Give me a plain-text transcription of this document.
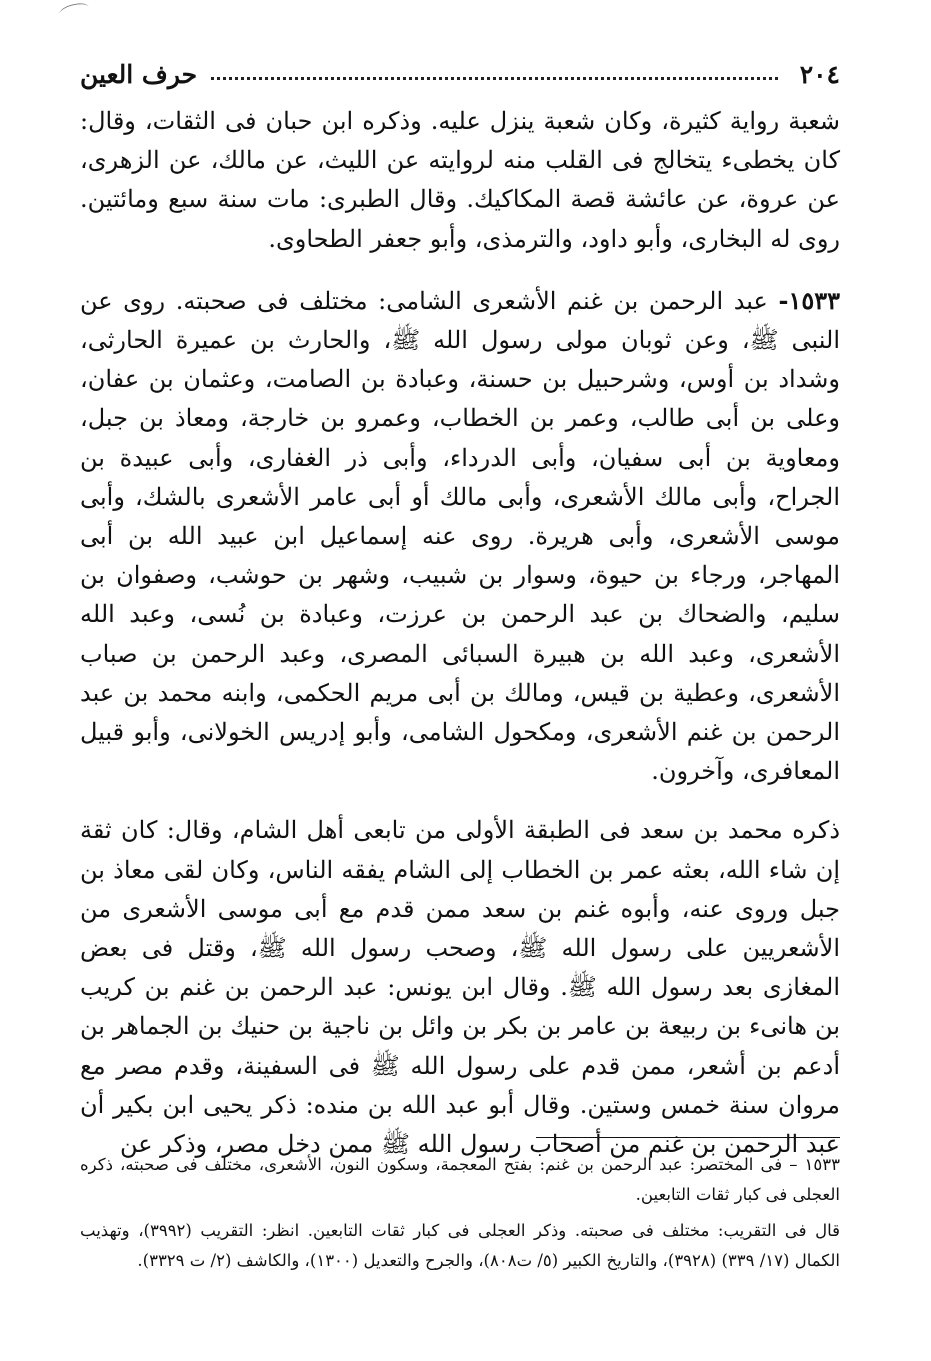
٢٠٤
حرف العين

شعبة رواية كثيرة، وكان شعبة ينزل عليه. وذكره ابن حبان فى الثقات، وقال: كان يخطىء يتخالج فى القلب منه لروايته عن الليث، عن مالك، عن الزهرى، عن عروة، عن عائشة قصة المكاكيك. وقال الطبرى: مات سنة سبع ومائتين. روى له البخارى، وأبو داود، والترمذى، وأبو جعفر الطحاوى.

١٥٣٣- عبد الرحمن بن غنم الأشعرى الشامى: مختلف فى صحبته. روى عن النبى ﷺ، وعن ثوبان مولى رسول الله ﷺ، والحارث بن عميرة الحارثى، وشداد بن أوس، وشرحبيل بن حسنة، وعبادة بن الصامت، وعثمان بن عفان، وعلى بن أبى طالب، وعمر بن الخطاب، وعمرو بن خارجة، ومعاذ بن جبل، ومعاوية بن أبى سفيان، وأبى الدرداء، وأبى ذر الغفارى، وأبى عبيدة بن الجراح، وأبى مالك الأشعرى، وأبى مالك أو أبى عامر الأشعرى بالشك، وأبى موسى الأشعرى، وأبى هريرة. روى عنه إسماعيل ابن عبيد الله بن أبى المهاجر، ورجاء بن حيوة، وسوار بن شبيب، وشهر بن حوشب، وصفوان بن سليم، والضحاك بن عبد الرحمن بن عرزت، وعبادة بن نُسى، وعبد الله الأشعرى، وعبد الله بن هبيرة السبائى المصرى، وعبد الرحمن بن صباب الأشعرى، وعطية بن قيس، ومالك بن أبى مريم الحكمى، وابنه محمد بن عبد الرحمن بن غنم الأشعرى، ومكحول الشامى، وأبو إدريس الخولانى، وأبو قبيل المعافرى، وآخرون.

ذكره محمد بن سعد فى الطبقة الأولى من تابعى أهل الشام، وقال: كان ثقة إن شاء الله، بعثه عمر بن الخطاب إلى الشام يفقه الناس، وكان لقى معاذ بن جبل وروى عنه، وأبوه غنم بن سعد ممن قدم مع أبى موسى الأشعرى من الأشعريين على رسول الله ﷺ، وصحب رسول الله ﷺ، وقتل فى بعض المغازى بعد رسول الله ﷺ. وقال ابن يونس: عبد الرحمن بن غنم بن كريب بن هانىء بن ربيعة بن عامر بن بكر بن وائل بن ناجية بن حنيك بن الجماهر بن أدعم بن أشعر، ممن قدم على رسول الله ﷺ فى السفينة، وقدم مصر مع مروان سنة خمس وستين. وقال أبو عبد الله بن منده: ذكر يحيى ابن بكير أن عبد الرحمن بن غنم من أصحاب رسول الله ﷺ ممن دخل مصر، وذكر عن

١٥٣٣ – فى المختصر: عبد الرحمن بن غنم: بفتح المعجمة، وسكون النون، الأشعرى، مختلف فى صحبته، ذكره العجلى فى كبار ثقات التابعين.

قال فى التقريب: مختلف فى صحبته. وذكر العجلى فى كبار ثقات التابعين. انظر: التقريب (٣٩٩٢)، وتهذيب الكمال (١٧/ ٣٣٩) (٣٩٢٨)، والتاريخ الكبير (٥/ ت٨٠٨)، والجرح والتعديل (١٣٠٠)، والكاشف (٢/ ت ٣٣٢٩).
